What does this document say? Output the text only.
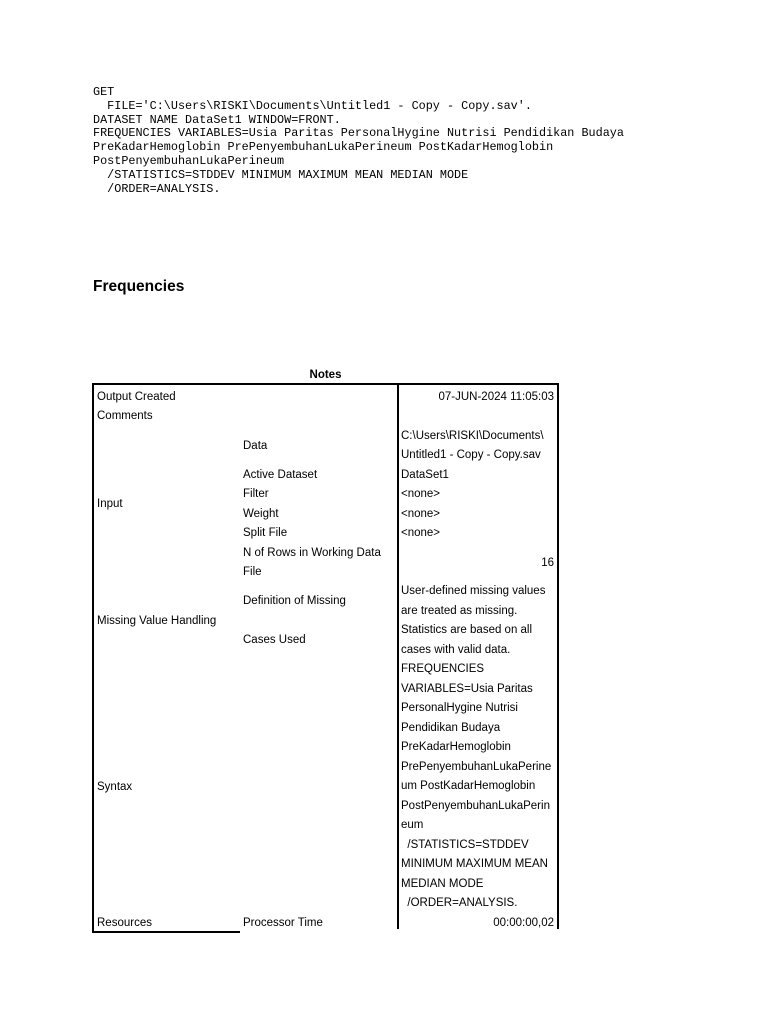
GET
FILE='C:\Users\RISKI\Documents\Untitled1 - Copy - Copy.sav'.
DATASET NAME DataSet1 WINDOW=FRONT.
FREQUENCIES VARIABLES=Usia Paritas PersonalHygine Nutrisi Pendidikan Budaya
PreKadarHemoglobin PrePenyembuhanLukaPerineum PostKadarHemoglobin
PostPenyembuhanLukaPerineum
/STATISTICS=STDDEV MINIMUM MAXIMUM MEAN MEDIAN MODE
/ORDER=ANALYSIS.
Frequencies
Notes
Output Created
Comments
Input
Missing Value Handling
Syntax
Resources
Data
Active Dataset
Filter
Weight
Split File
N of Rows in Working Data
File
Definition of Missing
Cases Used
Processor Time
07-JUN-2024 11:05:03
C:\Users\RISKI\Documents\
Untitled1 - Copy - Copy.sav
DataSet1
<none>
<none>
<none>
16
User-defined missing values
are treated as missing.
Statistics are based on all
cases with valid data.
FREQUENCIES
VARIABLES=Usia Paritas
PersonalHygine Nutrisi
Pendidikan Budaya
PreKadarHemoglobin
PrePenyembuhanLukaPerine
um PostKadarHemoglobin
PostPenyembuhanLukaPerin
eum
/STATISTICS=STDDEV
MINIMUM MAXIMUM MEAN
MEDIAN MODE
/ORDER=ANALYSIS.
00:00:00,02
